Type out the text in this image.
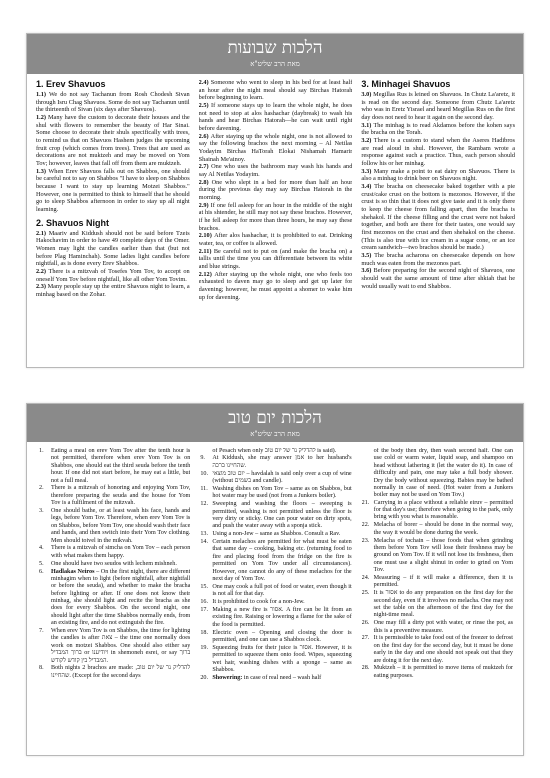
הלכות שבועות
מאת הרב שליט"א
1. Erev Shavuos

1.1) We do not say Tachanun from Rosh Chodesh Sivan through Isru Chag Shavuos. Some do not say Tachanun until the thirteenth of Sivan (six days after Shavuos).

1.2) Many have the custom to decorate their houses and the shul with flowers to remember the beauty of Har Sinai. Some choose to decorate their shuls specifically with trees, to remind us that on Shavuos Hashem judges the upcoming fruit crop (which comes from trees). Trees that are used as decorations are not muktzeh and may be moved on Yom Tov; however, leaves that fall off from them are muktzeh.

1.3) When Erev Shavuos falls out on Shabbos, one should be careful not to say on Shabbos "I have to sleep on Shabbos because I want to stay up learning Motzei Shabbos." However, one is permitted to think to himself that he should go to sleep Shabbos afternoon in order to stay up all night learning.

2. Shavuos Night

2.1) Maariv and Kiddush should not be said before Tzeis Hakochavim in order to have 49 complete days of the Omer. Women may light the candles earlier than that (but not before Plag Haminchah). Some ladies light candles before nightfall, as is done every Erev Shabbos.

2.2) There is a mitzvah of Tosefes Yom Tov, to accept on oneself Yom Tov before nightfall, like all other Yom Tovim.

2.3) Many people stay up the entire Shavuos night to learn, a minhag based on the Zohar.

2.4) Someone who went to sleep in his bed for at least half an hour after the night meal should say Birchas Hatorah before beginning to learn.

2.5) If someone stays up to learn the whole night, he does not need to stop at alos hashachar (daybreak) to wash his hands and hear Birchas Hatorah—he can wait until right before davening.

2.6) After staying up the whole night, one is not allowed to say the following brachos the next morning – Al Netilas Yodayim Birchas HaTorah Elokai Nishamah Hamarir Shainah Me'ainoy.

2.7) One who uses the bathroom may wash his hands and say Al Netilas Yodayim.

2.8) One who slept in a bed for more than half an hour during the previous day may say Birchas Hatorah in the morning.

2.9) If one fell asleep for an hour in the middle of the night at his shtender, he still may not say these brachos. However, if he fell asleep for more than three hours, he may say these brachos.

2.10) After alos hashachar, it is prohibited to eat. Drinking water, tea, or coffee is allowed.

2.11) Be careful not to put on (and make the bracha on) a tallis until the time you can differentiate between its white and blue strings.

2.12) After staying up the whole night, one who feels too exhausted to daven may go to sleep and get up later for davening; however, he must appoint a shomer to wake him up for davening.

3. Minhagei Shavuos

3.0) Megillas Rus is leined on Shavuos. In Chutz La'aretz, it is read on the second day. Someone from Chutz La'aretz who was in Eretz Yisrael and heard Megillas Rus on the first day does not need to hear it again on the second day.

3.1) The minhag is to read Akdamos before the kohen says the bracha on the Torah.

3.2) There is a custom to stand when the Aseres Hadibros are read aloud in shul. However, the Rambam wrote a response against such a practice. Thus, each person should follow his or her minhag.

3.3) Many make a point to eat dairy on Shavuos. There is also a minhag to drink beer on Shavuos night.

3.4) The bracha on cheesecake baked together with a pie crust/cake crust on the bottom is mezonos. However, if the crust is so thin that it does not give taste and it is only there to keep the cheese from falling apart, then the bracha is shehakol. If the cheese filling and the crust were not baked together, and both are there for their tastes, one would say first mezonos on the crust and then shehakol on the cheese. (This is also true with ice cream in a sugar cone, or an ice cream sandwich—two brachos should be made.)

3.5) The bracha acharona on cheesecake depends on how much was eaten from the mezonos part.

3.6) Before preparing for the second night of Shavuos, one should wait the same amount of time after shkiah that he would usually wait to end Shabbos.

הלכות יום טוב
מאת הרב שליט"א
1.	Eating a meal on erev Yom Tov after the tenth hour is not permitted, therefore when erev Yom Tov is on Shabbos, one should eat the third seuda before the tenth hour. If one did not start before, he may eat a little, but not a full meal.
2.	There is a mitzvah of honoring and enjoying Yom Tov, therefore preparing the seuda and the house for Yom Tov is a fulfilment of the mitzvah.
3.	One should bathe, or at least wash his face, hands and legs, before Yom Tov. Therefore, when erev Yom Tov is on Shabbos, before Yom Tov, one should wash their face and hands, and then switch into their Yom Tov clothing. Men should toivel in the mikvah.
4.	There is a mitzvah of simcha on Yom Tov – each person with what makes them happy.
5.	One should have two seudos with lechem mishneh.
6.	Hadlakas Neiros – On the first night, there are different minhagim when to light (before nightfall, after nightfall or before the seuda), and whether to make the bracha before lighting or after. If one does not know their minhag, she should light and recite the bracha as she does for every Shabbos. On the second night, one should light after the time Shabbos normally ends, from an existing fire, and do not extinguish the fire.
7.	When erev Yom Tov is on Shabbos, the time for lighting the candles is after צאת – the time one normally does work on motzei Shabbos. One should also either say ברוך המבדיל or ויודיענו in shemoneh esrei, or say ברוך המבדיל בין קודש לקודש.
8.	Both nights 2 brachos are made: להדליק נר של יום טוב, שהחיינו. (Except for the second days
of Pesach when only להדליק נר של יום טוב is said).
9.	At Kiddush, she may answer אמן to her husband's שהחיינו ברכה.
10. יום טוב מוצאי – havdalah is said only over a cup of wine (without בשמים and candle).
11. Washing dishes on Yom Tov – same as on Shabbos, but hot water may be used (not from a Junkers boiler).
12. Sweeping and washing the floors – sweeping is permitted, washing is not permitted unless the floor is very dirty or sticky. One can pour water on dirty spots, and push the water away with a sponja stick.
13. Using a non-Jew – same as Shabbos. Consult a Rav.
14. Certain melachos are permitted for what must be eaten that same day – cooking, baking etc. (returning food to fire and placing food from the fridge on the fire is permitted on Yom Tov under all circumstances). However, one cannot do any of these melachos for the next day of Yom Tov.
15. One may cook a full pot of food or water, even though it is not all for that day.
16. It is prohibited to cook for a non-Jew.
17. Making a new fire is אסור. A fire can be lit from an existing fire. Raising or lowering a flame for the sake of the food is permitted.
18. Electric oven – Opening and closing the door is permitted, and one can use a Shabbos clock.
19. Squeezing fruits for their juice is אסור. However, it is permitted to squeeze them onto food. Wipes, squeezing wet hair, washing dishes with a sponge – same as Shabbos.
20. Showering: in case of real need – wash half
of the body then dry, then wash second half. One can use cold or warm water, liquid soap, and shampoo on head without lathering it (let the water do it). In case of difficulty and pain, one may take a full body shower. Dry the body without squeezing. Babies may be bathed normally in case of need. (Hot water from a Junkers boiler may not be used on Yom Tov.)
21. Carrying in a place without a reliable eiruv – permitted for that day's use; therefore when going to the park, only bring with you what is reasonable.
22. Melacha of borer – should be done in the normal way, the way it would be done during the week.
23. Melacha of tochain – those foods that when grinding them before Yom Tov will lose their freshness may be ground on Yom Tov. If it will not lose its freshness, then one must use a slight shinui in order to grind on Yom Tov.
24. Measuring – if it will make a difference, then it is permitted.
25. It is אסור to do any preparation on the first day for the second day, even if it involves no melacha. One may not set the table on the afternoon of the first day for the night-time meal.
26. One may fill a dirty pot with water, or rinse the pot, as this is a preventive measure.
27. It is permissible to take food out of the freezer to defrost on the first day for the second day, but it must be done early in the day and one should not speak out that they are doing it for the next day.
28. Muktzeh – it is permitted to move items of muktzeh for eating purposes.
